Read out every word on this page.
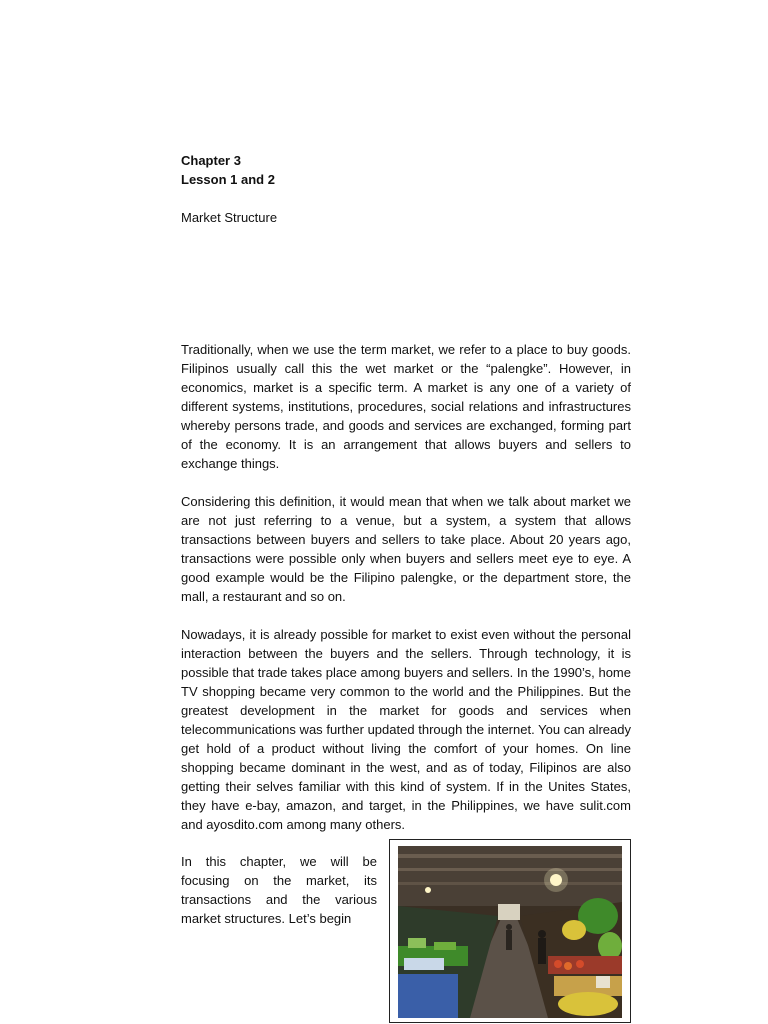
Chapter 3
Lesson 1 and 2
Market Structure

Traditionally, when we use the term market, we refer to a place to buy goods. Filipinos usually call this the wet market or the “palengke”. However, in economics, market is a specific term. A market is any one of a variety of different systems, institutions, procedures, social relations and infrastructures whereby persons trade, and goods and services are exchanged, forming part of the economy. It is an arrangement that allows buyers and sellers to exchange things.

Considering this definition, it would mean that when we talk about market we are not just referring to a venue, but a system, a system that allows transactions between buyers and sellers to take place. About 20 years ago, transactions were possible only when buyers and sellers meet eye to eye. A good example would be the Filipino palengke, or the department store, the mall, a restaurant and so on.

Nowadays, it is already possible for market to exist even without the personal interaction between the buyers and the sellers. Through technology, it is possible that trade takes place among buyers and sellers. In the 1990’s, home TV shopping became very common to the world and the Philippines. But the greatest development in the market for goods and services when telecommunications was further updated through the internet. You can already get hold of a product without living the comfort of your homes. On line shopping became dominant in the west, and as of today, Filipinos are also getting their selves familiar with this kind of system. If in the Unites States, they have e-bay, amazon, and target, in the Philippines, we have sulit.com and ayosdito.com among many others.

In this chapter, we will be focusing on the market, its transactions and the various market structures. Let’s begin
